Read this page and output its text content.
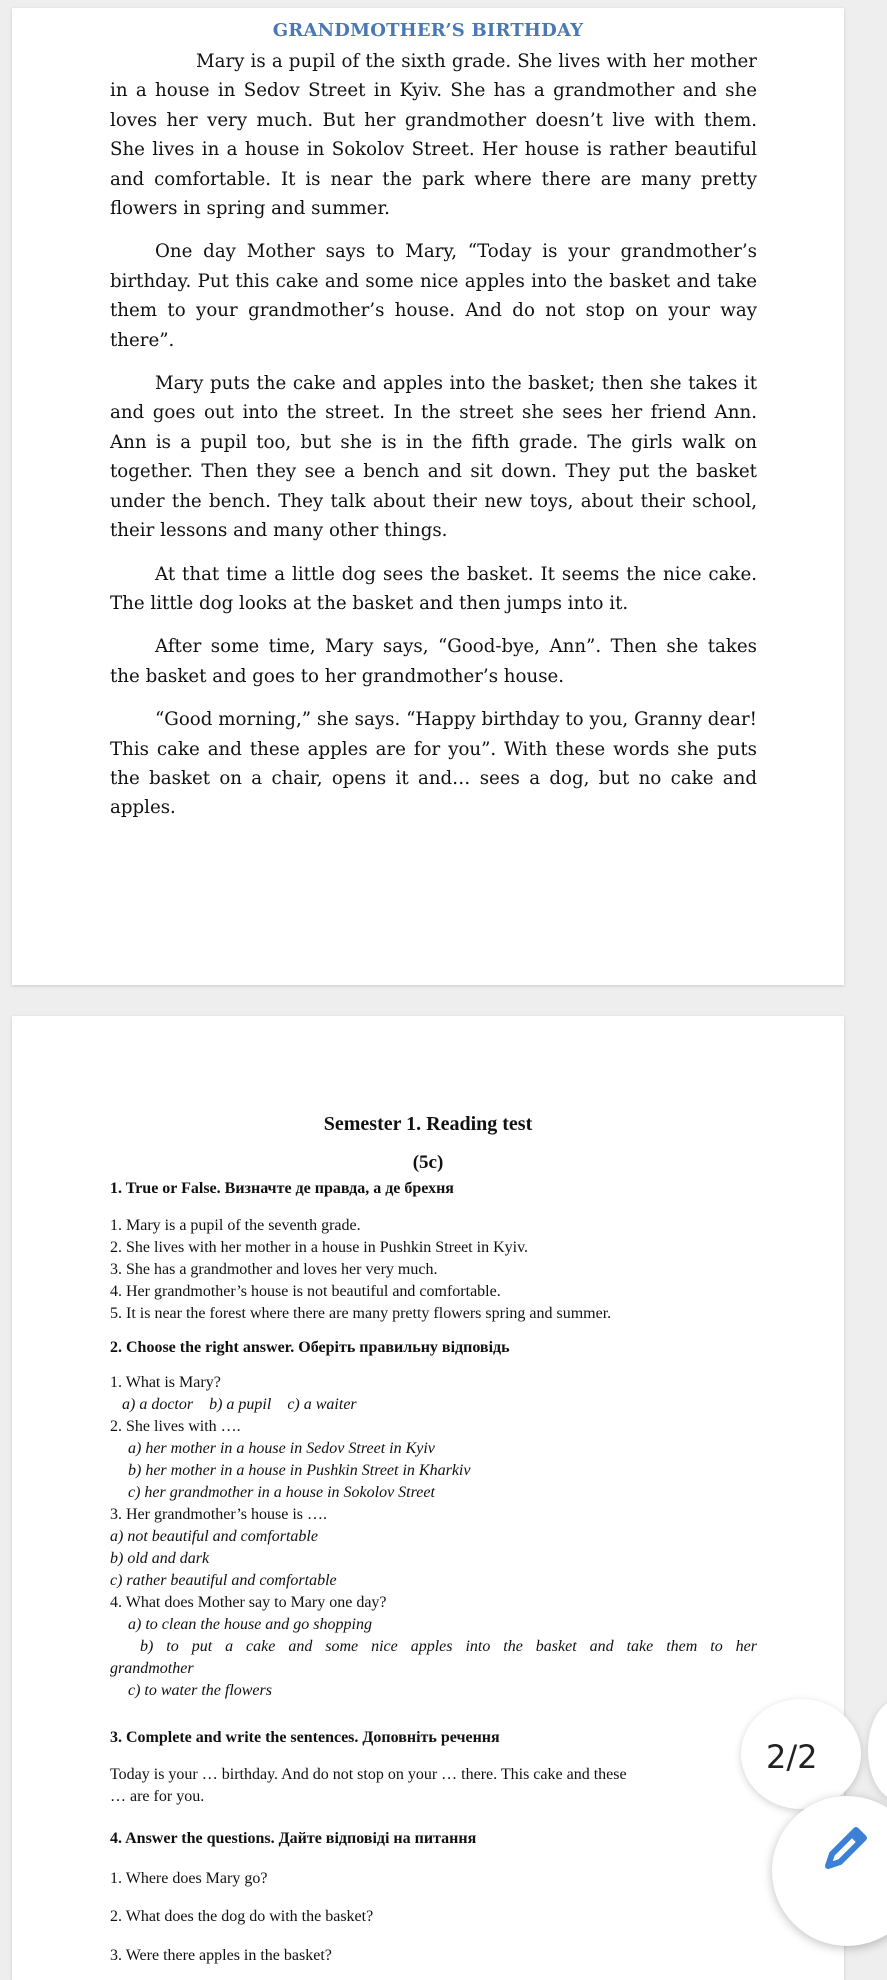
GRANDMOTHER’S BIRTHDAY

Mary is a pupil of the sixth grade. She lives with her mother in a house in Sedov Street in Kyiv. She has a grandmother and she loves her very much. But her grandmother doesn’t live with them. She lives in a house in Sokolov Street. Her house is rather beautiful and comfortable. It is near the park where there are many pretty flowers in spring and summer.

One day Mother says to Mary, “Today is your grandmother’s birthday. Put this cake and some nice apples into the basket and take them to your grandmother’s house. And do not stop on your way there”.

Mary puts the cake and apples into the basket; then she takes it and goes out into the street. In the street she sees her friend Ann. Ann is a pupil too, but she is in the fifth grade. The girls walk on together. Then they see a bench and sit down. They put the basket under the bench. They talk about their new toys, about their school, their lessons and many other things.

At that time a little dog sees the basket. It seems the nice cake. The little dog looks at the basket and then jumps into it.

After some time, Mary says, “Good-bye, Ann”. Then she takes the basket and goes to her grandmother’s house.

“Good morning,” she says. “Happy birthday to you, Granny dear! This cake and these apples are for you”. With these words she puts the basket on a chair, opens it and… sees a dog, but no cake and apples.

Semester 1. Reading test
(5c)
1. True or False. Визначте де правда, а де брехня
1. Mary is a pupil of the seventh grade.
2. She lives with her mother in a house in Pushkin Street in Kyiv.
3. She has a grandmother and loves her very much.
4. Her grandmother’s house is not beautiful and comfortable.
5. It is near the forest where there are many pretty flowers spring and summer.
2. Choose the right answer. Оберіть правильну відповідь
1. What is Mary?
a) a doctor    b) a pupil    c) a waiter
2. She lives with ….
a) her mother in a house in Sedov Street in Kyiv
b) her mother in a house in Pushkin Street in Kharkiv
c) her grandmother in a house in Sokolov Street
3. Her grandmother’s house is ….
a) not beautiful and comfortable
b) old and dark
c) rather beautiful and comfortable
4. What does Mother say to Mary one day?
a) to clean the house and go shopping
b) to put a cake and some nice apples into the basket and take them to her
grandmother
c) to water the flowers
3. Complete and write the sentences. Доповніть речення
Today is your … birthday. And do not stop on your … there. This cake and these
… are for you.
4. Answer the questions. Дайте відповіді на питання
1. Where does Mary go?
2. What does the dog do with the basket?
3. Were there apples in the basket?
2/2
